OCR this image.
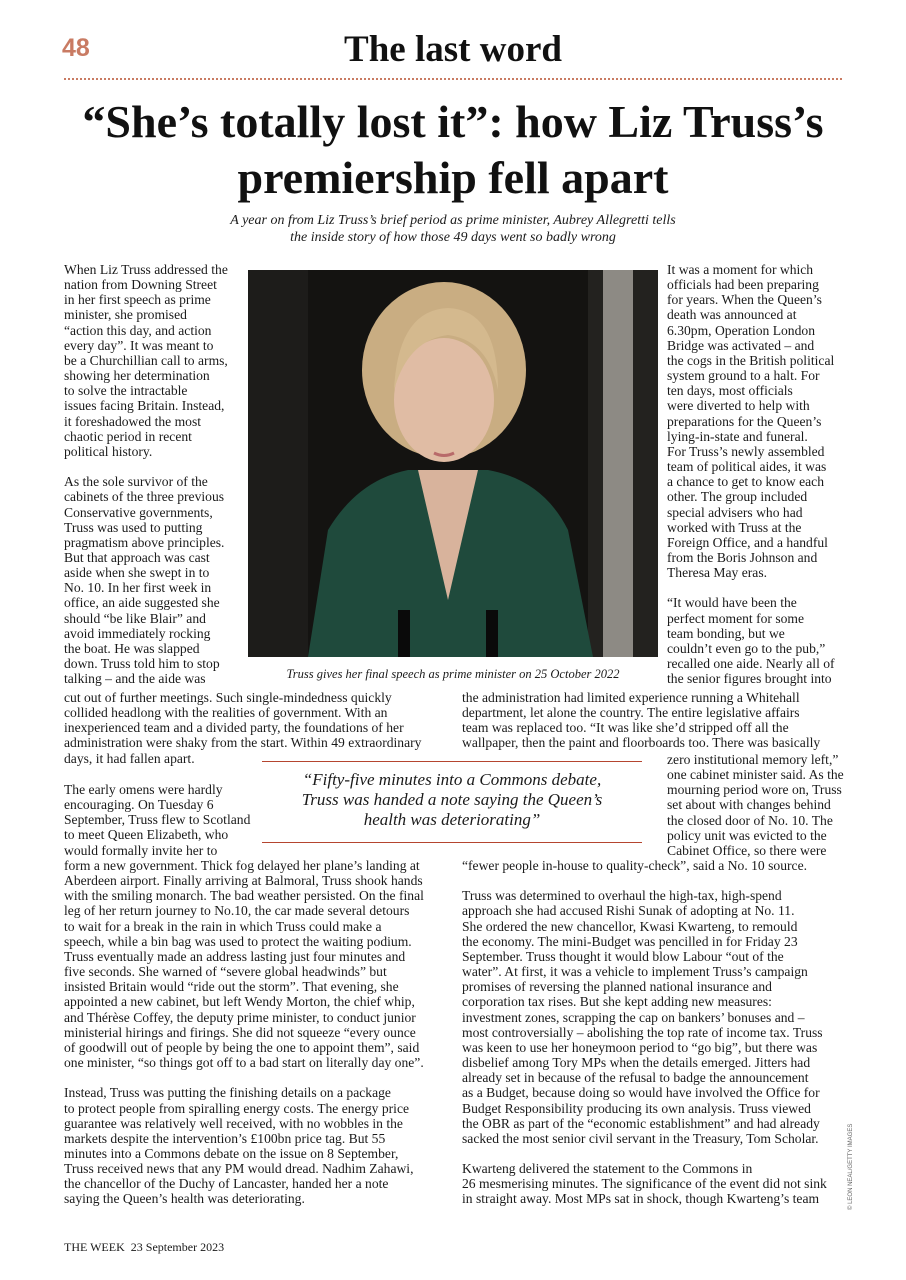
48	The last word
“She’s totally lost it”: how Liz Truss’s premiership fell apart
A year on from Liz Truss’s brief period as prime minister, Aubrey Allegretti tells
the inside story of how those 49 days went so badly wrong
When Liz Truss addressed the
nation from Downing Street
in her first speech as prime
minister, she promised
“action this day, and action
every day”. It was meant to
be a Churchillian call to arms,
showing her determination
to solve the intractable
issues facing Britain. Instead,
it foreshadowed the most
chaotic period in recent
political history.

As the sole survivor of the
cabinets of the three previous
Conservative governments,
Truss was used to putting
pragmatism above principles.
But that approach was cast
aside when she swept in to
No. 10. In her first week in
office, an aide suggested she
should “be like Blair” and
avoid immediately rocking
the boat. He was slapped
down. Truss told him to stop
talking – and the aide was	Truss gives her final speech as prime minister on 25 October 2022
It was a moment for which
officials had been preparing
for years. When the Queen’s
death was announced at
6.30pm, Operation London
Bridge was activated – and
the cogs in the British political
system ground to a halt. For
ten days, most officials
were diverted to help with
preparations for the Queen’s
lying-in-state and funeral.
For Truss’s newly assembled
team of political aides, it was
a chance to get to know each
other. The group included
special advisers who had
worked with Truss at the
Foreign Office, and a handful
from the Boris Johnson and
Theresa May eras.

“It would have been the
perfect moment for some
team bonding, but we
couldn’t even go to the pub,”
recalled one aide. Nearly all of
the senior figures brought into
cut out of further meetings. Such single-mindedness quickly
collided headlong with the realities of government. With an
inexperienced team and a divided party, the foundations of her
administration were shaky from the start. Within 49 extraordinary
days, it had fallen apart.
the administration had limited experience running a Whitehall
department, let alone the country. The entire legislative affairs
team was replaced too. “It was like she’d stripped off all the
wallpaper, then the paint and floorboards too. There was basically
“Fifty-five minutes into a Commons debate,
Truss was handed a note saying the Queen’s
health was deteriorating”
The early omens were hardly
encouraging. On Tuesday 6
September, Truss flew to Scotland
to meet Queen Elizabeth, who
would formally invite her to
zero institutional memory left,”
one cabinet minister said. As the
mourning period wore on, Truss
set about with changes behind
the closed door of No. 10. The
policy unit was evicted to the
Cabinet Office, so there were
form a new government. Thick fog delayed her plane’s landing at
Aberdeen airport. Finally arriving at Balmoral, Truss shook hands
with the smiling monarch. The bad weather persisted. On the final
leg of her return journey to No.10, the car made several detours
to wait for a break in the rain in which Truss could make a
speech, while a bin bag was used to protect the waiting podium.
Truss eventually made an address lasting just four minutes and
five seconds. She warned of “severe global headwinds” but
insisted Britain would “ride out the storm”. That evening, she
appointed a new cabinet, but left Wendy Morton, the chief whip,
and Thérèse Coffey, the deputy prime minister, to conduct junior
ministerial hirings and firings. She did not squeeze “every ounce
of goodwill out of people by being the one to appoint them”, said
one minister, “so things got off to a bad start on literally day one”.

Instead, Truss was putting the finishing details on a package
to protect people from spiralling energy costs. The energy price
guarantee was relatively well received, with no wobbles in the
markets despite the intervention’s £100bn price tag. But 55
minutes into a Commons debate on the issue on 8 September,
Truss received news that any PM would dread. Nadhim Zahawi,
the chancellor of the Duchy of Lancaster, handed her a note
saying the Queen’s health was deteriorating.
“fewer people in-house to quality-check”, said a No. 10 source.

Truss was determined to overhaul the high-tax, high-spend
approach she had accused Rishi Sunak of adopting at No. 11.
She ordered the new chancellor, Kwasi Kwarteng, to remould
the economy. The mini-Budget was pencilled in for Friday 23
September. Truss thought it would blow Labour “out of the
water”. At first, it was a vehicle to implement Truss’s campaign
promises of reversing the planned national insurance and
corporation tax rises. But she kept adding new measures:
investment zones, scrapping the cap on bankers’ bonuses and –
most controversially – abolishing the top rate of income tax. Truss
was keen to use her honeymoon period to “go big”, but there was
disbelief among Tory MPs when the details emerged. Jitters had
already set in because of the refusal to badge the announcement
as a Budget, because doing so would have involved the Office for
Budget Responsibility producing its own analysis. Truss viewed
the OBR as part of the “economic establishment” and had already
sacked the most senior civil servant in the Treasury, Tom Scholar.

Kwarteng delivered the statement to the Commons in
26 mesmerising minutes. The significance of the event did not sink
in straight away. Most MPs sat in shock, though Kwarteng’s team	© LEON NEAL/GETTY IMAGES
THE WEEK 23 September 2023
